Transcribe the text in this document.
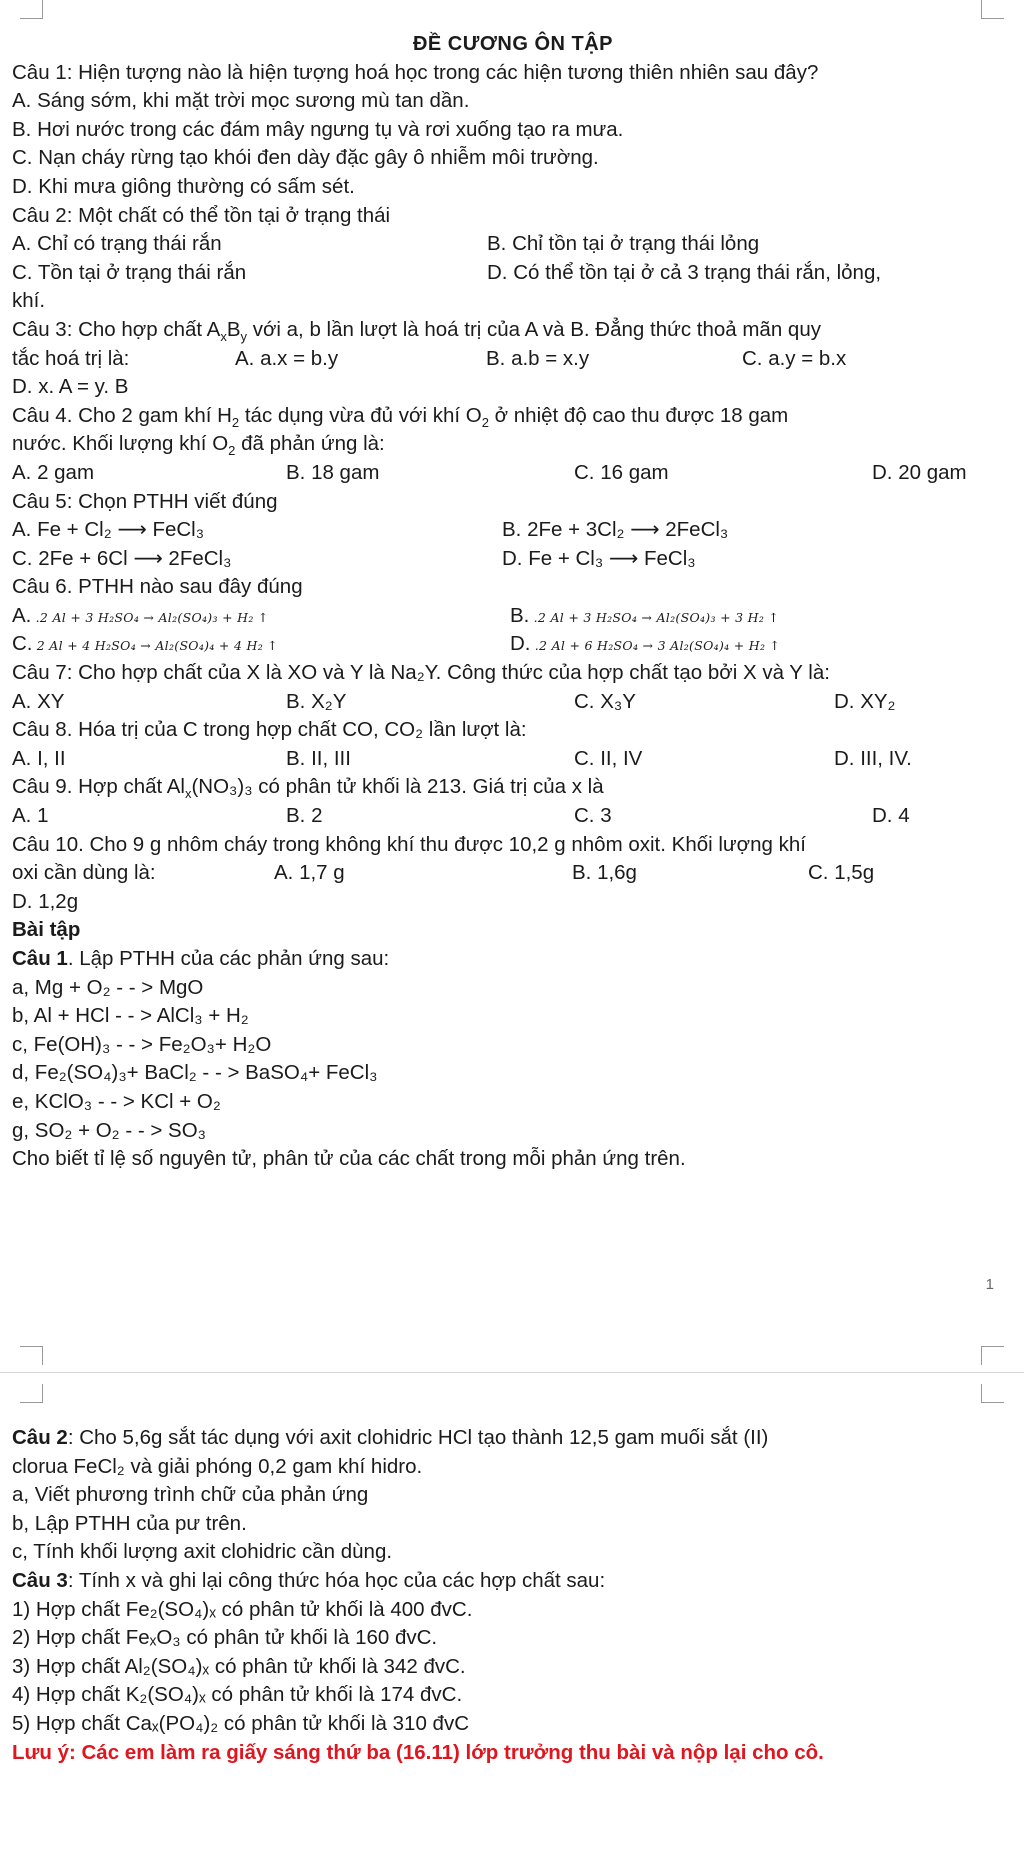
ĐỀ CƯƠNG ÔN TẬP
Câu 1: Hiện tượng nào là hiện tượng hoá học trong các hiện tương thiên nhiên sau đây?
A. Sáng sớm, khi mặt trời mọc sương mù tan dần.
B. Hơi nước trong các đám mây ngưng tụ và rơi xuống tạo ra mưa.
C. Nạn cháy rừng tạo khói đen dày đặc gây ô nhiễm môi trường.
D. Khi mưa giông thường có sấm sét.
Câu 2: Một chất có thể tồn tại ở trạng thái
A. Chỉ có trạng thái rắn	B. Chỉ tồn tại ở trạng thái lỏng
C. Tồn tại ở trạng thái rắn	D. Có thể tồn tại ở cả 3 trạng thái rắn, lỏng,
khí.
Câu 3: Cho hợp chất $A_xB_y$ với a, b lần lượt là hoá trị của A và B. Đẳng thức thoả mãn quy
tắc hoá trị là:	A. a.x = b.y	B. a.b = x.y	C. a.y = b.x
D. x. A = y. B
Câu 4. Cho 2 gam khí $H_2$ tác dụng vừa đủ với khí $O_2$ ở nhiệt độ cao thu được 18 gam
nước. Khối lượng khí $O_2$ đã phản ứng là:
A. 2 gam	B. 18 gam	C. 16 gam	D. 20 gam
Câu 5: Chọn PTHH viết đúng
A. Fe + Cl₂ ⟶ FeCl₃	B. 2Fe + 3Cl₂ ⟶ 2FeCl₃
C. 2Fe + 6Cl ⟶ 2FeCl₃	D. Fe + Cl₃ ⟶ FeCl₃
Câu 6. PTHH nào sau đây đúng
A. .2 Al + 3 H₂SO₄ → Al₂(SO₄)₃ + H₂ ↑	B. .2 Al + 3 H₂SO₄ → Al₂(SO₄)₃ + 3 H₂ ↑
C. 2 Al + 4 H₂SO₄ → Al₂(SO₄)₄ + 4 H₂ ↑	D. .2 Al + 6 H₂SO₄ → 3 Al₂(SO₄)₄ + H₂ ↑
Câu 7: Cho hợp chất của X là XO và Y là Na₂Y. Công thức của hợp chất tạo bởi X và Y là:
A. XY	B. X₂Y	C. X₃Y	D. XY₂
Câu 8. Hóa trị của C trong hợp chất CO, CO₂ lần lượt là:
A. I, II	B. II, III	C. II, IV	D. III, IV.
Câu 9. Hợp chất $Al_x(NO_3)_3$ có phân tử khối là 213. Giá trị của x là
A. 1	B. 2	C. 3	D. 4
Câu 10. Cho 9 g nhôm cháy trong không khí thu được 10,2 g nhôm oxit. Khối lượng khí
oxi cần dùng là:	A. 1,7 g	B. 1,6g	C. 1,5g
D. 1,2g
Bài tập
Câu 1. Lập PTHH của các phản ứng sau:
a, Mg + O₂ - - > MgO
b, Al + HCl - - > AlCl₃ + H₂
c, Fe(OH)₃ - - > Fe₂O₃+ H₂O
d, Fe₂(SO₄)₃+ BaCl₂ - - > BaSO₄+ FeCl₃
e, KClO₃ - - > KCl + O₂
g, SO₂ + O₂ - - > SO₃
Cho biết tỉ lệ số nguyên tử, phân tử của các chất trong mỗi phản ứng trên.
1
Câu 2: Cho 5,6g sắt tác dụng với axit clohidric HCl tạo thành 12,5 gam muối sắt (II)
clorua FeCl₂ và giải phóng 0,2 gam khí hidro.
a, Viết phương trình chữ của phản ứng
b, Lập PTHH của pư trên.
c, Tính khối lượng axit clohidric cần dùng.
Câu 3: Tính x và ghi lại công thức hóa học của các hợp chất sau:
1) Hợp chất Fe₂(SO₄)ₓ có phân tử khối là 400 đvC.
2) Hợp chất FeₓO₃ có phân tử khối là 160 đvC.
3) Hợp chất Al₂(SO₄)ₓ có phân tử khối là 342 đvC.
4) Hợp chất K₂(SO₄)ₓ có phân tử khối là 174 đvC.
5) Hợp chất Caₓ(PO₄)₂ có phân tử khối là 310 đvC
Lưu ý: Các em làm ra giấy sáng thứ ba (16.11) lớp trưởng thu bài và nộp lại cho cô.
